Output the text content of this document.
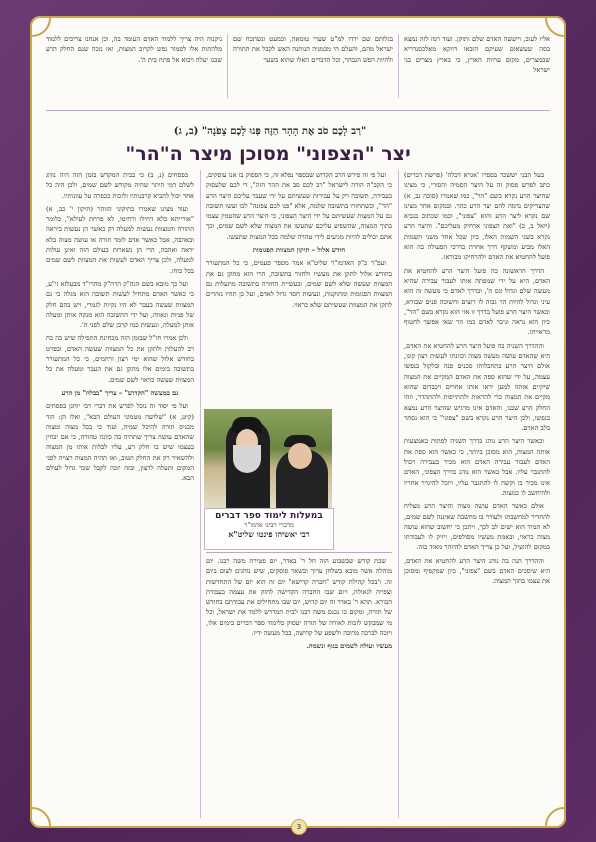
אליו לעוב, וייעשה האדם שלם ותוקן. ועוד רמז לזה נמצא בסה שעשאום שעיקם הובאו דווקא מאלכסנדריא שבמצרים, מקום ערוות הארץ, כי בארץ מצרים בני ישראל
בגלותם שם ירדו למ"ט שערי טומאה, וכמעט ונשתכח שם ישראל מהם, והעלם הי מכמניה הנותנה האש לקבל את התורה ולהיות הפשׁ הגבהר, וכל הדברים האלו שהוא בשער
ניקנוה היה צריך ללמוד האדם העומד בה, וכן אנחנו צריכים ללמוד מלהתות אלו לסמור נפש לקרוב המצות, ואז נזכה שנם החלק הרע שבנו יעלה ויבוא אל פתח בית ה'.
"רַב לָכֶם סֹב אֶת הָהָר הַזֶּה פְּנוּ לָכֶם צָפֹנָה" (ב, ג)
יצר "הצפוני" מסוכן מיצר ה"הר"

בעל הבני יששכר בספרו 'אגרא דכלה' (פרשת דברים) כתב לפרש פסוק זה על היצר הסמיה והסורי, כי מצינו שהיצר הרע נקרא בשם "הר", כמו שאמרו (סוכה נב, א) שהצדיקים נדמה להם יצר הרע כהר. ובמקום אחר מצינו שם נקרא ליצר הרע והוא "צפוני", וכמו שכתוב בנביא (יואל ב, כ) "ואת הצפוני ארחיק מעליכם". והיצר הרע נקרא בשני השמות האלו, כיון שכל אחד משני השמות האלו מביע ומשקף דרך אחרת בדרכי הפעולה בה הוא פועל להחטיא את האדם ולהרחיקו מבוראו.

הדרך הראשונה בה פועל היצר הרע להחטיא את האדם, היא על ידי שמפתה אותו לעבור עבירה שהיא מעשה שלם וגדול וגס ה', ובדרך לאדם כי מעשה זה הוא עיני וגדול להיות הר גבוה לו רוצים וחשוכה פנים שבורא, וכאשר היצר הרע פועל בדרך זו אזי הוא נקרא בשם "הר", כיון הוא נראה וניכר לאדם כמו הר שאי אפשר לחטוף מראייתו.

וההדרך השניה בה פועל היצר הרע להחטיא את האדם, היא שהאדם עושה מעשה מצוה וכוונתו לעשות רצון קונו, אולם היצר הרע בתחבלותו סכנים פנה ובלקול בנפשו עצמה, על ידי שהוא ספה את האדם המקיים את המצוה שיקיים אותה למען יראו אותו אחרים ויכבדום שהוא מקיים את המצוה כדי להראות ולהתייפות ולהתהדר, וזהו החלק הרע שבנו, והאדם אינו מרגיש שהיצר הרע נמצא בנפשו, ולכן היצר הרע נקרא בשם "צפוני" כי הוא נסתר בלב האדם.

וכאשר היצר הרע נוהג בדרך השניה לפתות באמצעות אותה המצוה, הוא מסוכן ביותר, כי כאשר הוא ספה את האדם לעבור עבירה האדם הוא מכיר בעבירה ויכול להתגבר עליו. אבל באשר הוא נוהג בדרך הצפוני, האדם אינו מכיר בו וקשה לו להתגבר עליו, ויוכל להיגרר אחריו ולהיחשב לו כמצוה.

אולם כאשר האדם עושה מצוה והיצר הרע מצליח להחדיר למחשבתו ולעורר בו מחשבה שאיננה לשם שמים, לא תמיד הוא ישים לב לכך, ויתכן כי יחשוב שהוא עושה מצוה כראוי, ובאמת מעשיו מסולפים, ויזיק לו לעבודתו במקום להועיל, ועל כן צריך האדם להיזהר מאוד בזה.

וההדרך הנה בה נוהג היצר הרע להחטיא את האדם, היא שיסכים האדם בשם "צפוני", כיון שמקפיף ומסוכן את עצמו בתוך המצוה.

ועל פי זה פירש הרב הקדוש שבספר נפלא זה, כי הפסוק בו אנו עוסקים, כי הקב"ה הורה לישראל "רב לכם סב את ההר הזה", די לכם שלעסוק בעבירה, תשובה רק על עבירות שעשיתם על ידי שעבר עליכם היצר הרע "הר", וכשתחזרו בתשובה שלמה, אלא "פנו לכם צפונה" לכו ועשו תשובה גם על המצות שעשיתם על ידי היצר הצפוני, כי היצר הרע שהטמין עצמו בתוך המצוה, שהשפיע עליכם שתעשו את המצוה שלא לשם שמים, וכך אתם יכולים להיות מגיעים לידי טהרה שלמה בכל המצות שתעשו.

חודש אלול – תיקון המצוות הפגומות

ועפ"ר כ"ק האדמו"ר שליט"א אמר מספר פעמים, כי כל המתעורר בחודש אלול לתקן את מעשיו ולחזור בתשובה, הרי הוא מתקן גם את המצוות שעשה שלא לשם שמים, ובעשיית החזרה בתשובה מתעלות גם המצוות הפגומות ומתוקנות, ונעשות חסד גדול לאדם, ועל כן תהיו נזהרים לתקן את המצוות שעשיתם שלא כראוי.

במעלות לימוד ספר דברים
מדברי רבינו אדמו"ר
רבי יאשיהו פינטו שליט"א

שבת קודש שבשבוע הוה חל ר' באדר, יום פטירת משה רבנו. יום מוהלה אשר מובא בשלחן ערוך ובשאר פוסקים, שיש נוהגים לצום ביום זה. ו'בכל קהילת קודש "חברה קדישא" יום זה הוא יום של התחדשות וצפייה לגאולה, ויום שבו החברה הקדישה לחזק את עצמה בעבודת הבורא. תהא ר' באדר זה יום קדוש, יום שבו מתחילים את עבודתם בחודש של תורה, ומקום בו נכנס משה רבנו לבית המדרש ללמד את ישראל, וכל מי שמבקש לזכות לאורה של תורה יעסוק בלימוד ספר דברים בימים אלו, ויזכה לברכה מרובה ולשפע של קדושה, בכל מעשה ידיו.

מעשיו ועולה לשמים בגוף ונשמה.

בפסחים (נ, ב) כי בבית המקדש בזמן הזה היה נוהג לשלם דמי היתר שהיה מקודש לשם שמים, ולכן היה כל אחד יכול להביא קרבנותיו ולזכות בכפרה על עוונותיו.

ועוד מצינו שאמרו בתיקוני הזוהר (תיקון י' כב, א) "אורייתא בלא דחילו ורחימו, לא פרחת לעילא", כלומר התורה והמצוות נעשות למעלה רק כאשר הן נעשות ביראה ובאהבה, אבל כאשר אדם לומד תורה או עושה מצוה בלא יראה ואהבה, הרי הן נשארות בעולם הזה ואינן עולות למעלה, ולכן צריך האדם לעשות את המצוות לשם שמים בכל כוחו.

ועל כך מובא בשם הגה"ק הרה"ק מהרי"ד מבעלזא זי"ע, כי כאשר האדם מתחיל לעשות תשובה הוא מגלה כי גם המצוות שעשה בעבר לא היו נקיות לגמרי, ויש בהם חלק של פניות וגאווה, ועל ידי התשובה הוא מנקה אותן ומעלה אותן למעלה, ונעשות כמו קרבן שלם לפני ה'.

ולכן אמרו חז"ל שבזמן הזה מבחינת התפילה שיש בה כח רב להעלות ולתקן את כל המצוות שעשה האדם, ובפרט בחודש אלול שהוא ימי רצון ורחמים, כי כל המתעורר בתשובה בימים אלו מתקן גם את העבר ומעלה את כל המצוות שעשה כראוי לשם שמים.

גם במעשה "הקדוש" – צריך "בבלה" מן הרע

ועל פי יסוד זה נוכל לפרש את דברי רבי יוחנן בפסחים (קיט, א) "שלושה מטמוני העולם הבא", ואלו הן: הוד מכניס תורה להיכל שמיה, ועוד כי בכל מצוה ומצוה שהאדם עושה צריך שתהיה בה כוונה טהורה, כי אם יבחין בעצמו שיש בו חלק רע, עליו לבלות אותו מן המצוה ולהשאיר רק את החלק הטוב, ואז תהיה המצוה רצויה לפני המקום ותעלה לרצון, ובזה יזכה לקבל שכר גדול לעולם הבא.

3
